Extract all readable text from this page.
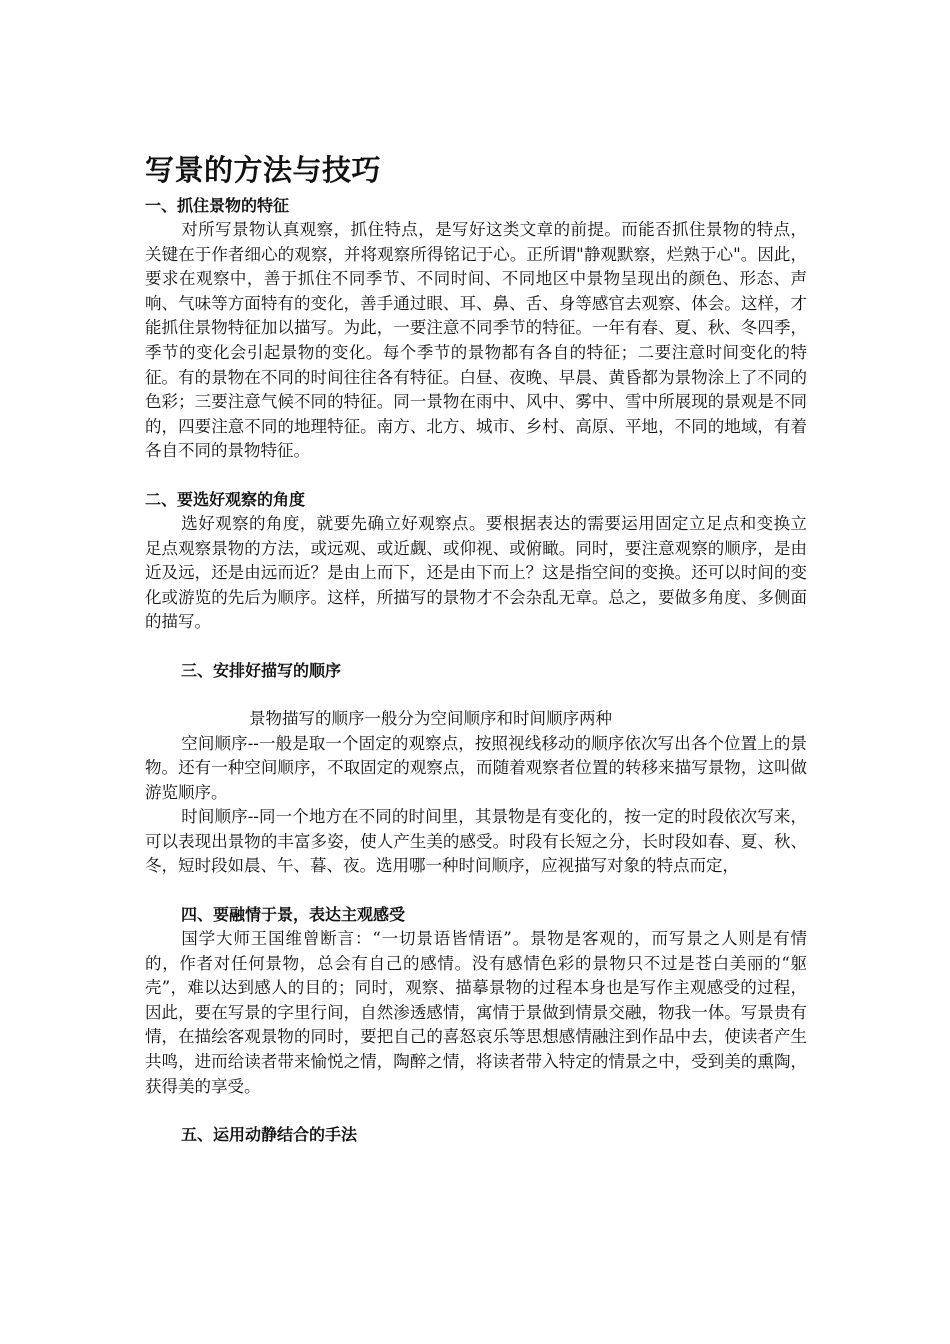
写景的方法与技巧
一、抓住景物的特征

对所写景物认真观察，抓住特点，是写好这类文章的前提。而能否抓住景物的特点，关键在于作者细心的观察，并将观察所得铭记于心。正所谓"静观默察，烂熟于心"。因此，要求在观察中，善于抓住不同季节、不同时间、不同地区中景物呈现出的颜色、形态、声响、气味等方面特有的变化，善手通过眼、耳、鼻、舌、身等感官去观察、体会。这样，才能抓住景物特征加以描写。为此，一要注意不同季节的特征。一年有春、夏、秋、冬四季，季节的变化会引起景物的变化。每个季节的景物都有各自的特征；二要注意时间变化的特征。有的景物在不同的时间往往各有特征。白昼、夜晚、早晨、黄昏都为景物涂上了不同的色彩；三要注意气候不同的特征。同一景物在雨中、风中、雾中、雪中所展现的景观是不同的，四要注意不同的地理特征。南方、北方、城市、乡村、高原、平地，不同的地域，有着各自不同的景物特征。

二、要选好观察的角度

选好观察的角度，就要先确立好观察点。要根据表达的需要运用固定立足点和变换立足点观察景物的方法，或远观、或近觑、或仰视、或俯瞰。同时，要注意观察的顺序，是由近及远，还是由远而近？是由上而下，还是由下而上？这是指空间的变换。还可以时间的变化或游览的先后为顺序。这样，所描写的景物才不会杂乱无章。总之，要做多角度、多侧面的描写。

三、安排好描写的顺序

景物描写的顺序一般分为空间顺序和时间顺序两种

空间顺序--一般是取一个固定的观察点，按照视线移动的顺序依次写出各个位置上的景物。还有一种空间顺序，不取固定的观察点，而随着观察者位置的转移来描写景物，这叫做游览顺序。

时间顺序--同一个地方在不同的时间里，其景物是有变化的，按一定的时段依次写来，可以表现出景物的丰富多姿，使人产生美的感受。时段有长短之分，长时段如春、夏、秋、冬，短时段如晨、午、暮、夜。选用哪一种时间顺序，应视描写对象的特点而定，

四、要融情于景，表达主观感受

国学大师王国维曾断言：“一切景语皆情语”。景物是客观的，而写景之人则是有情的，作者对任何景物，总会有自己的感情。没有感情色彩的景物只不过是苍白美丽的“躯壳”，难以达到感人的目的；同时，观察、描摹景物的过程本身也是写作主观感受的过程，因此，要在写景的字里行间，自然渗透感情，寓情于景做到情景交融，物我一体。写景贵有情，在描绘客观景物的同时，要把自己的喜怒哀乐等思想感情融注到作品中去，使读者产生共鸣，进而给读者带来愉悦之情，陶醉之情，将读者带入特定的情景之中，受到美的熏陶，获得美的享受。

五、运用动静结合的手法
